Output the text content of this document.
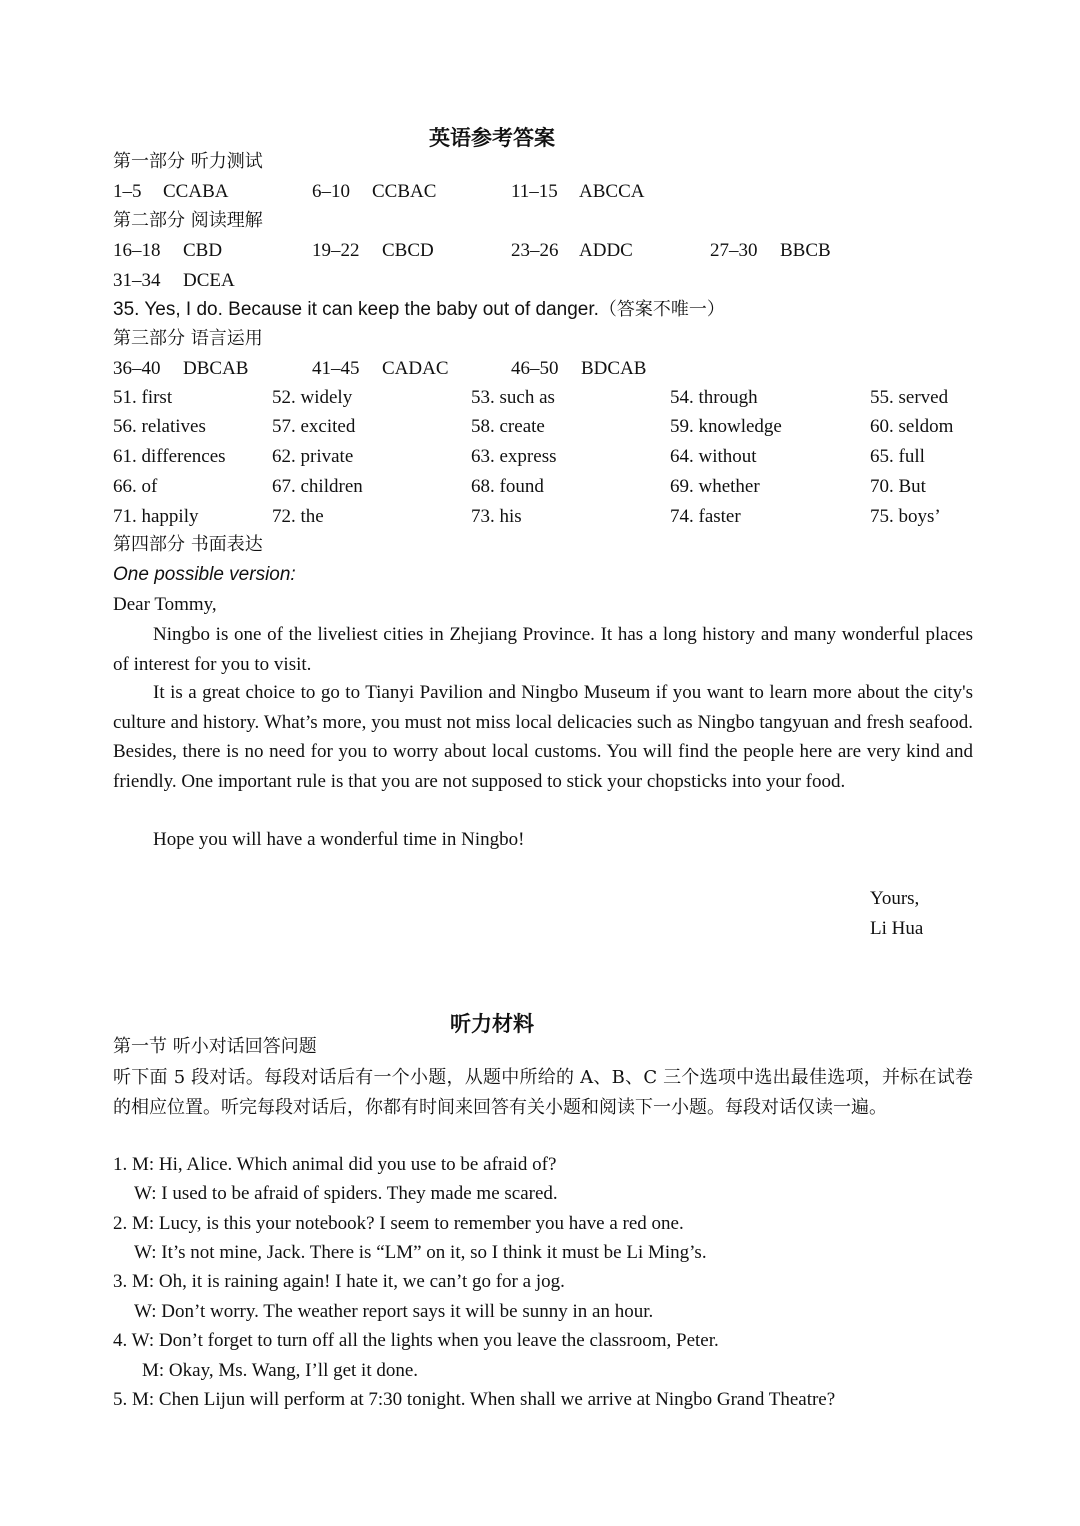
英语参考答案
第一部分 听力测试
1–5 CCABA	6–10 CCBAC	11–15 ABCCA
第二部分 阅读理解
16–18 CBD	19–22 CBCD	23–26 ADDC	27–30 BBCB
31–34 DCEA
35. Yes, I do. Because it can keep the baby out of danger.（答案不唯一）
第三部分 语言运用
36–40 DBCAB	41–45 CADAC	46–50 BDCAB
51. first	52. widely	53. such as	54. through	55. served
56. relatives	57. excited	58. create	59. knowledge	60. seldom
61. differences 62. private	63. express	64. without	65. full
66. of	67. children	68. found	69. whether	70. But
71. happily	72. the	73. his	74. faster	75. boys’
第四部分 书面表达
One possible version:
Dear Tommy,
Ningbo is one of the liveliest cities in Zhejiang Province. It has a long history and many wonderful places of interest for you to visit.
It is a great choice to go to Tianyi Pavilion and Ningbo Museum if you want to learn more about the city's culture and history. What’s more, you must not miss local delicacies such as Ningbo tangyuan and fresh seafood. Besides, there is no need for you to worry about local customs. You will find the people here are very kind and friendly. One important rule is that you are not supposed to stick your chopsticks into your food.
Hope you will have a wonderful time in Ningbo!
Yours,
Li Hua
听力材料
第一节 听小对话回答问题
听下面 5 段对话。每段对话后有一个小题，从题中所给的 A、B、C 三个选项中选出最佳选项，并标在试卷的相应位置。听完每段对话后，你都有时间来回答有关小题和阅读下一小题。每段对话仅读一遍。
1. M: Hi, Alice. Which animal did you use to be afraid of?
W: I used to be afraid of spiders. They made me scared.
2. M: Lucy, is this your notebook? I seem to remember you have a red one.
W: It’s not mine, Jack. There is “LM” on it, so I think it must be Li Ming’s.
3. M: Oh, it is raining again! I hate it, we can’t go for a jog.
W: Don’t worry. The weather report says it will be sunny in an hour.
4. W: Don’t forget to turn off all the lights when you leave the classroom, Peter.
M: Okay, Ms. Wang, I’ll get it done.
5. M: Chen Lijun will perform at 7:30 tonight. When shall we arrive at Ningbo Grand Theatre?
